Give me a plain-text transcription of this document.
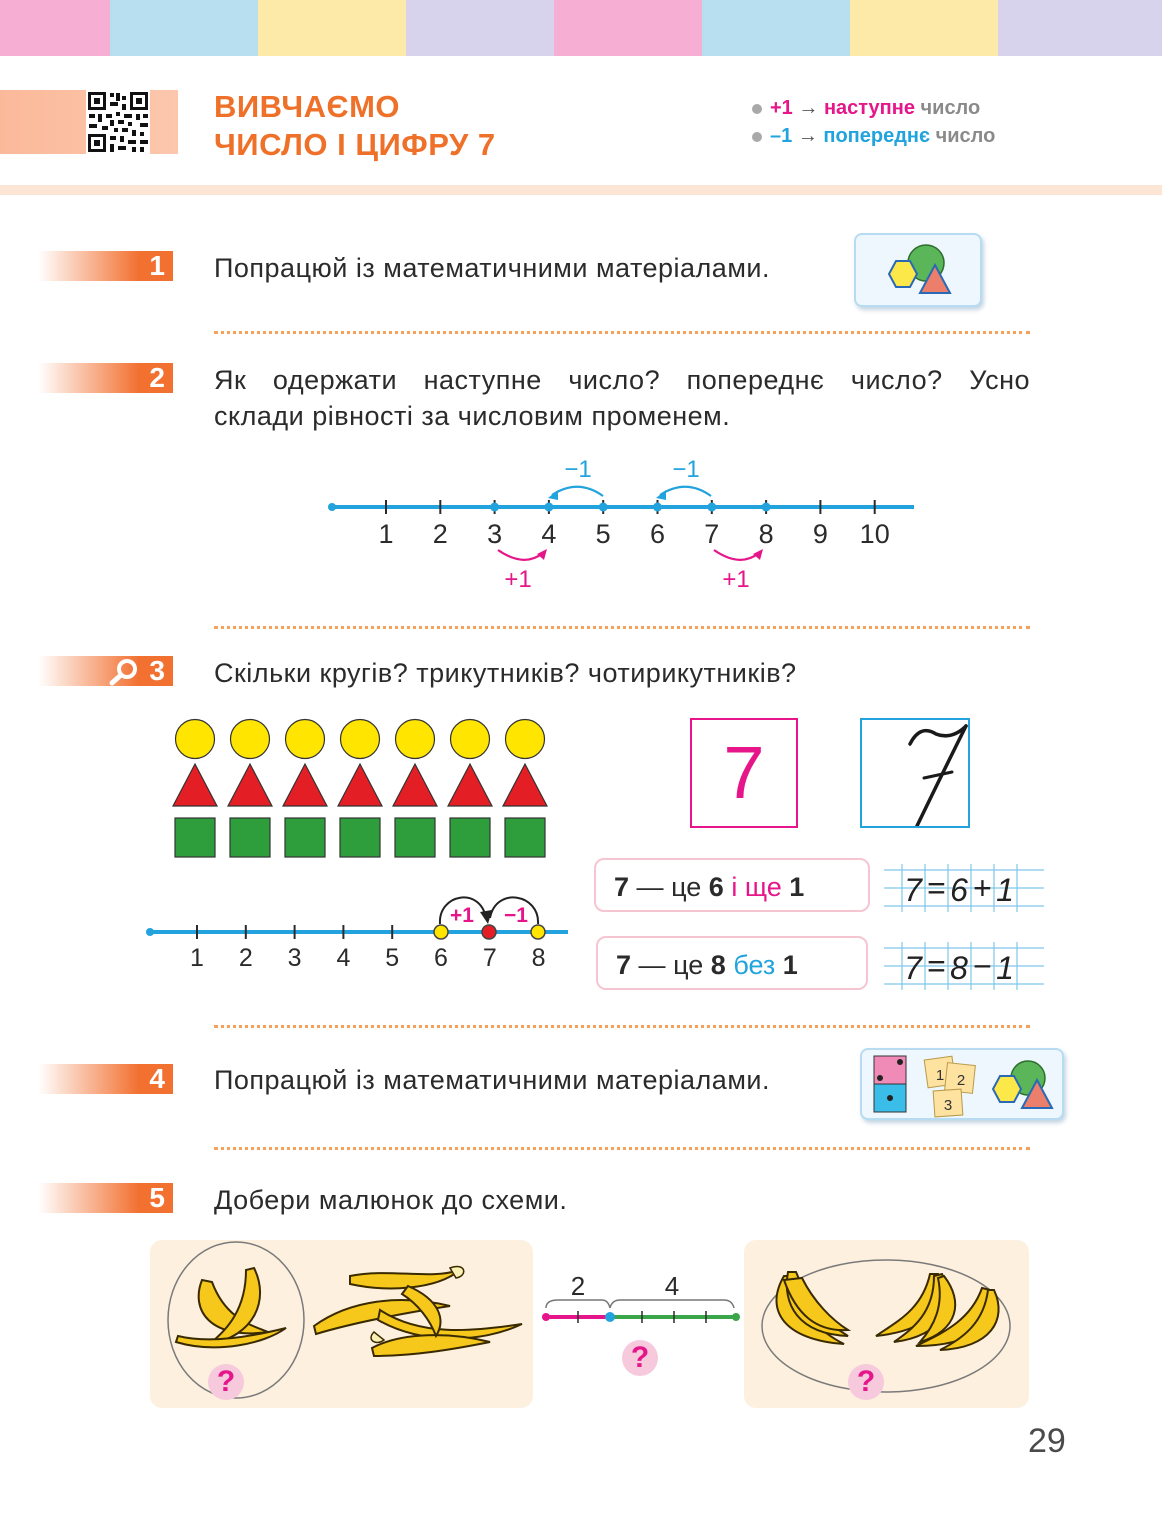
ВИВЧАЄМО
ЧИСЛО І ЦИФРУ 7
+1 → наступне число
–1 → попереднє число
1 Попрацюй із математичними матеріалами.
2 Як одержати наступне число? попереднє число? Усно
склади рівності за числовим променем.
1 2 3 4 5 6 7 8 9 10
−1	−1
+1	+1
3 Скільки кругів? трикутників? чотирикутників?
1 2 3 4 5 6 7 8
+1 −1
7
7 — це 6 і ще 1
7 — це 8 без 1
7 = 6 + 1
7 = 8 − 1
4 Попрацюй із математичними матеріалами.	1 2
3
5 Добери малюнок до схеми.
?
2	4
?
?
29
